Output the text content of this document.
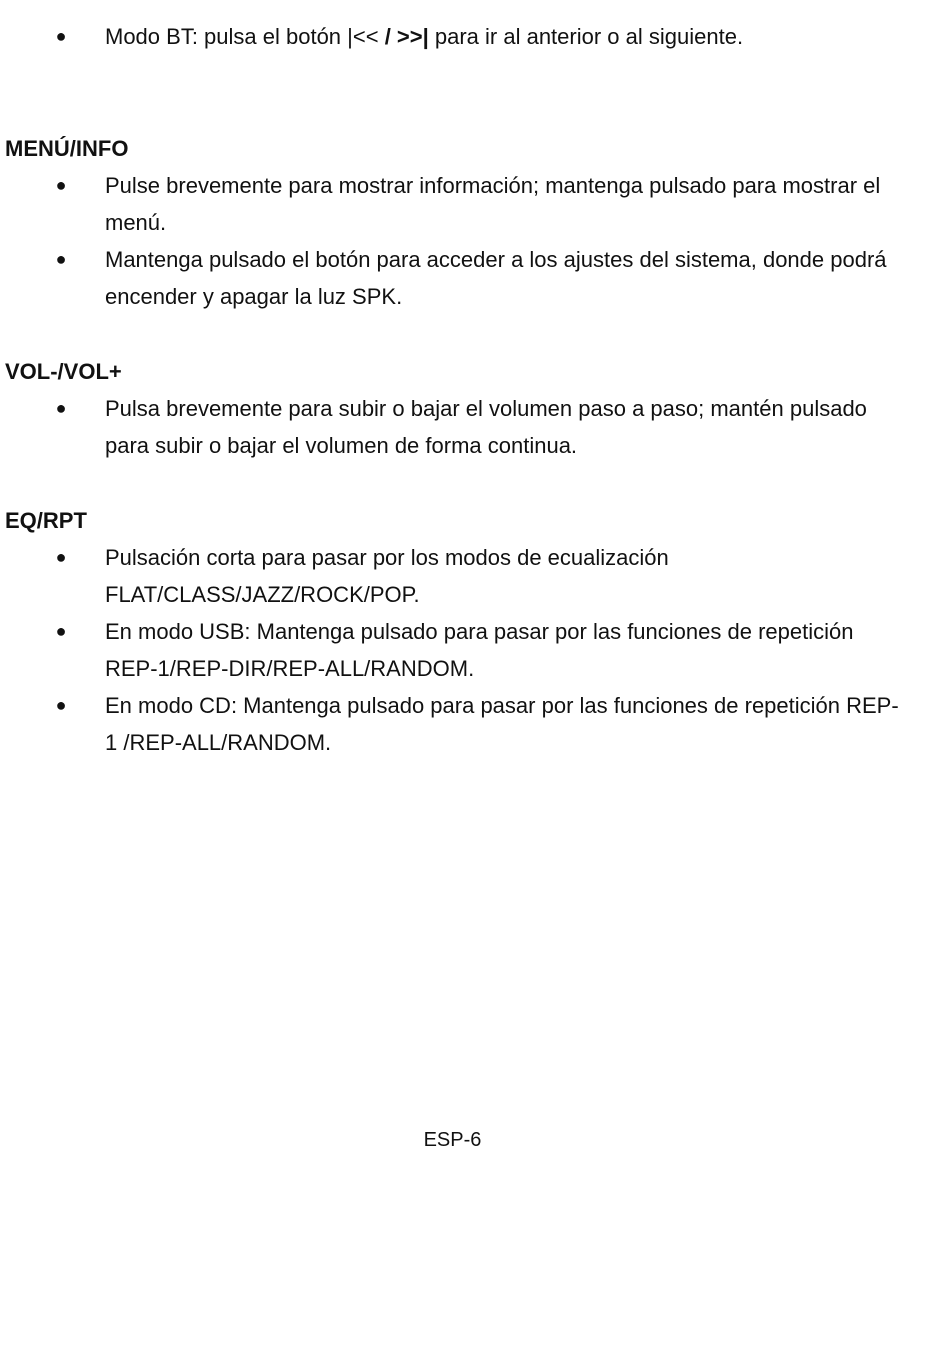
● Modo BT: pulsa el botón |<< / >>| para ir al anterior o al siguiente.
MENÚ/INFO
● Pulse brevemente para mostrar información; mantenga pulsado para mostrar el menú.
● Mantenga pulsado el botón para acceder a los ajustes del sistema, donde podrá encender y apagar la luz SPK.
VOL-/VOL+
● Pulsa brevemente para subir o bajar el volumen paso a paso; mantén pulsado para subir o bajar el volumen de forma continua.
EQ/RPT
● Pulsación corta para pasar por los modos de ecualización FLAT/CLASS/JAZZ/ROCK/POP.
● En modo USB: Mantenga pulsado para pasar por las funciones de repetición REP-1/REP-DIR/REP-ALL/RANDOM.
● En modo CD: Mantenga pulsado para pasar por las funciones de repetición REP-1 /REP-ALL/RANDOM.
ESP-6
